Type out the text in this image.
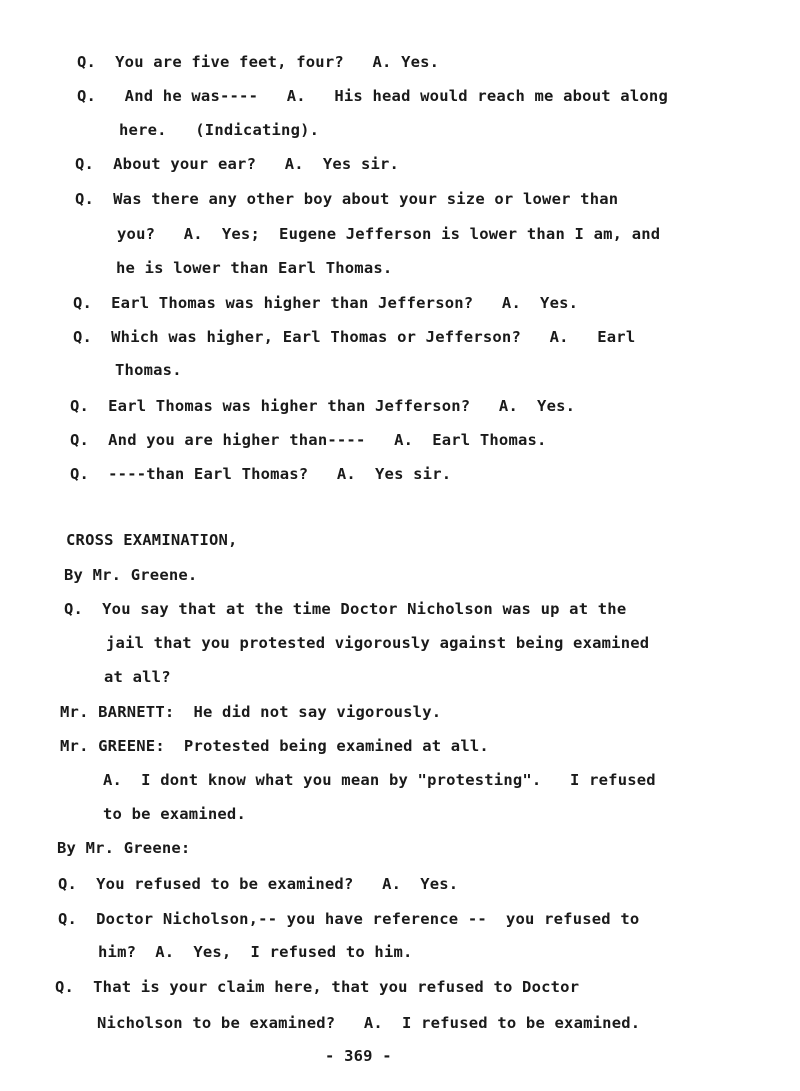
Q.  You are five feet, four?   A. Yes.
Q.   And he was----   A.   His head would reach me about along
here.   (Indicating).
Q.  About your ear?   A.  Yes sir.
Q.  Was there any other boy about your size or lower than
you?   A.  Yes;  Eugene Jefferson is lower than I am, and
he is lower than Earl Thomas.
Q.  Earl Thomas was higher than Jefferson?   A.  Yes.
Q.  Which was higher, Earl Thomas or Jefferson?   A.   Earl
Thomas.
Q.  Earl Thomas was higher than Jefferson?   A.  Yes.
Q.  And you are higher than----   A.  Earl Thomas.
Q.  ----than Earl Thomas?   A.  Yes sir.
CROSS EXAMINATION,
By Mr. Greene.
Q.  You say that at the time Doctor Nicholson was up at the
jail that you protested vigorously against being examined
at all?
Mr. BARNETT:  He did not say vigorously.
Mr. GREENE:  Protested being examined at all.
A.  I dont know what you mean by "protesting".   I refused
to be examined.
By Mr. Greene:
Q.  You refused to be examined?   A.  Yes.
Q.  Doctor Nicholson,-- you have reference --  you refused to
him?  A.  Yes,  I refused to him.
Q.  That is your claim here, that you refused to Doctor
Nicholson to be examined?   A.  I refused to be examined.
- 369 -
